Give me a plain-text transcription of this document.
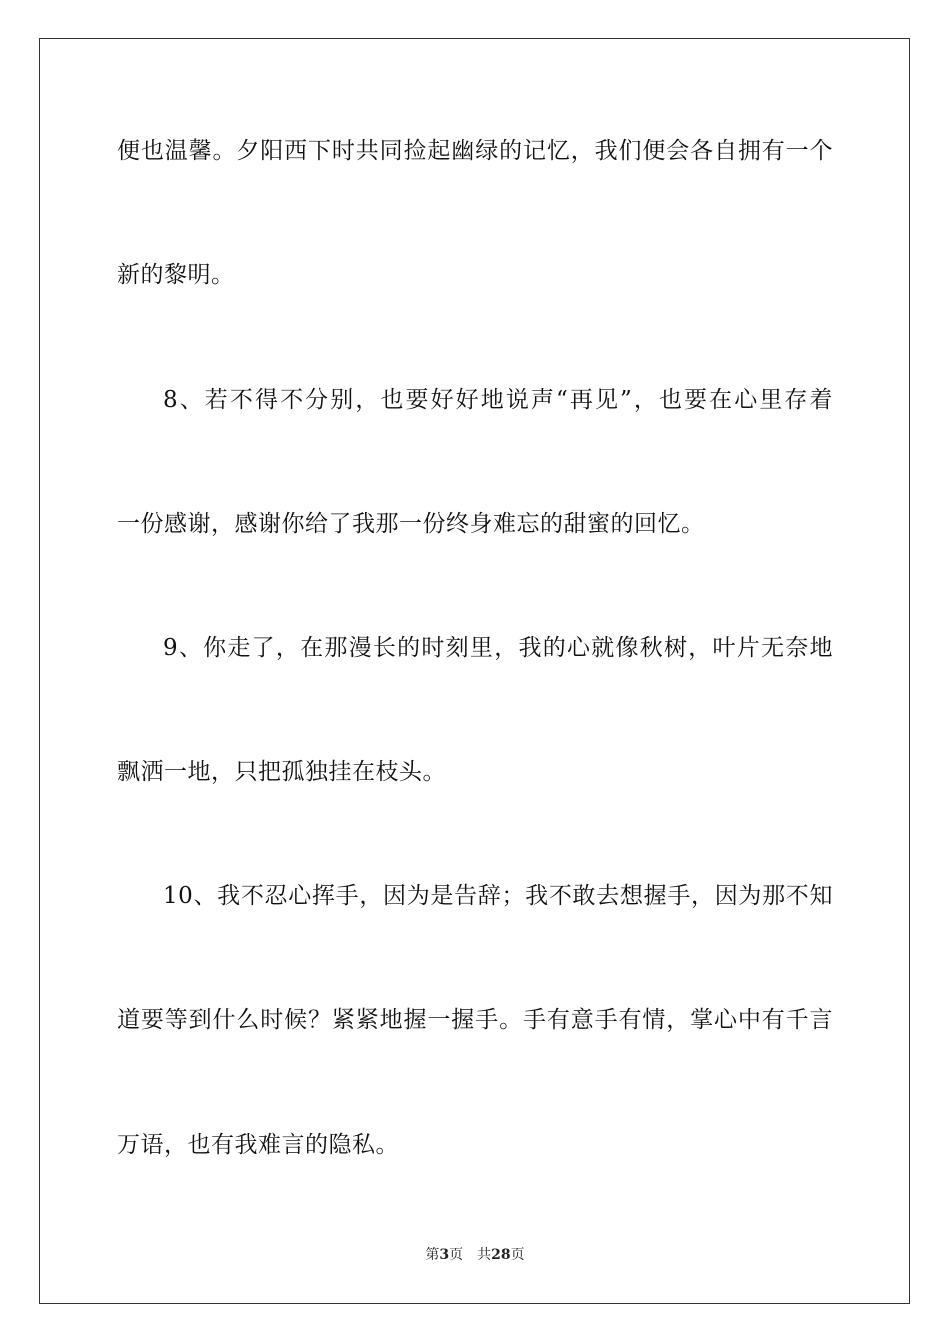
便也温馨。夕阳西下时共同捡起幽绿的记忆，我们便会各自拥有一个
新的黎明。
8、若不得不分别，也要好好地说声“再见”，也要在心里存着
一份感谢，感谢你给了我那一份终身难忘的甜蜜的回忆。
9、你走了，在那漫长的时刻里，我的心就像秋树，叶片无奈地
飘洒一地，只把孤独挂在枝头。
10、我不忍心挥手，因为是告辞；我不敢去想握手，因为那不知
道要等到什么时候？紧紧地握一握手。手有意手有情，掌心中有千言
万语，也有我难言的隐私。
第3页 共28页
